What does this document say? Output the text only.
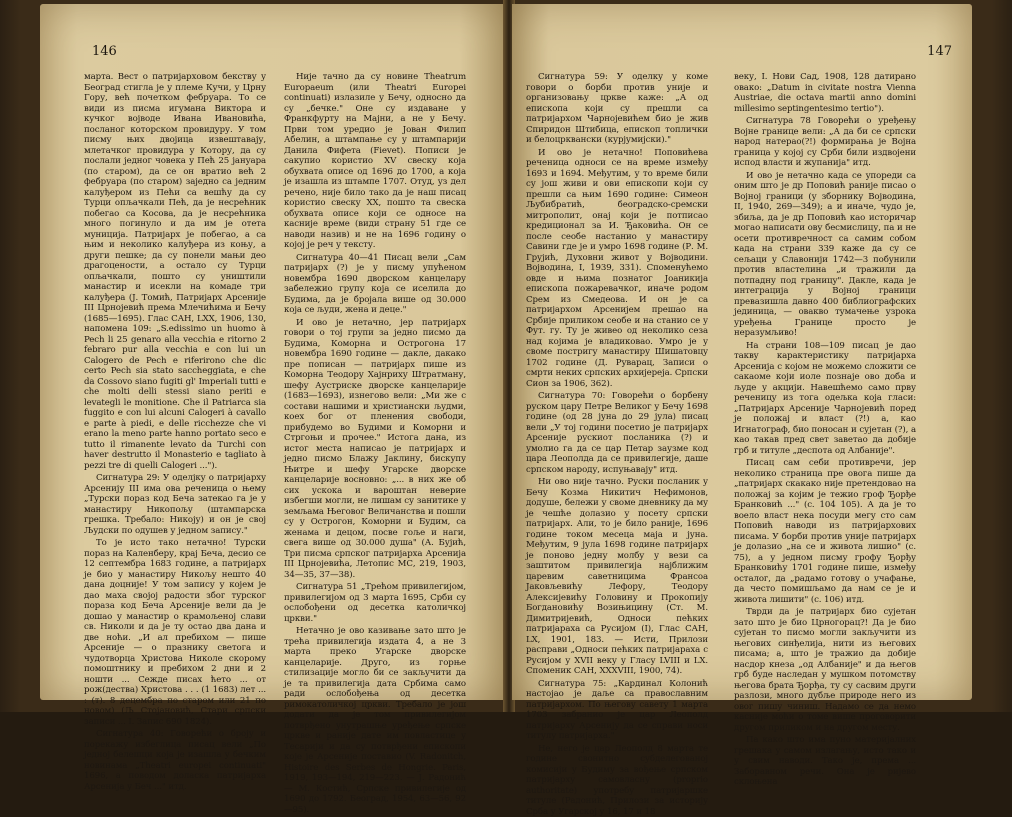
146

марта. Вест о патријарховом бекству у Београд стигла је у племе Кучи, у Црну Гору, већ почетком фебруара. То се види из писма игумана Виктора и кучког војводе Ивана Ивановића, посланог которском провидуру. У том писму њих двојица извештавају, млетачког провидура у Котору, да су послали једног човека у Пећ 25 јануара (по старом), да се он вратио већ 2 фебруара (по старом) заједно са једним калуђером из Пећи са вешћу да су Турци опљачкали Пећ, да је несрећник побегао са Косова, да је несрећника много погинуло и да им је отета муниција. Патријарх је побегао, а са њим и неколико калуђера из коњу, а други пешке; да су понели мањи део драгоцености, а остало су Турци опљачкали, пошто су уништили манастир и исекли на комаде три калуђера (Ј. Томић, Патријарх Арсеније III Црнојевић према Млечићима и Бечу (1685—1695). Глас САН, LXX, 1906, 130, напомена 109: „S.edissimo un huomo à Pech li 25 genaro alla vecchia e ritorno 2 febraro pur alla vecchia e con lui un Calogero de Pech e riferirono che dic certo Pech sia stato saccheggiata, e che da Cossovo siano fugiti gl' Imperiali tutti e che molti delli stessi siano periti e levategli le monitione. Che il Patriarca sia fuggito e con lui alcuni Calogeri à cavallo e parte à piedi, e delle ricchezze che vi erano la meno parte hanno portato seco e tutto il rimanente levato da Turchi con haver destrutto il Monasterio e tagliato à pezzi tre di quelli Calogeri ...").

Сигнатура 29: У оделјку о патријарху Арсенију III има ова реченица о њему „Турски пораз код Беча затекао га је у манастиру Никопољу (штампарска грешка. Требало: Никоју) и он је свој Људски по одушев у једном запису."

То је исто тако нетачно! Турски пораз на Каленберу, крај Беча, десио се 12 септембра 1683 године, а патријарх је био у манастиру Никољу нешто 40 дана доцније! У том запису у којем је дао маха својој радости због турског пораза код Беча Арсеније вели да је дошао у манастир о крамољеној слави св. Николи и да је ту остао два дана и две ноћи. „И ал пребихом — пише Арсеније — о празнику светога и чудотворца Христова Николе скорому помоштнику и пребихом 2 дни и 2 ношти ... Сежде писах ћето ... от рож(дества) Христова . . . (1 1683) лет ... : (т). 8 децембра по старом или 21 по новом) (Љ Стојановић, Стари српски записи ... I. Запис 690 1824).

Сигнатура 40: Говорећи о броју и порекажу избеглица писац вели „По једној белешци која је изашла у бечким новинама „Theatri europei continuati" 1696, а поводом доласка патријарха Арсенија у Беч ..." итд.

Није тачно да су новине Theatrum Europaeum (или Theatri Europei continuati) излазиле у Бечу, односно да су „бечке." Оне су издаване у Франкфурту на Мајни, а не у Бечу. Први том уредио је Јован Филип Абелин, а штампање су у штампарији Данила Фифета (Fievet). Пописи је сакупио користио XV свеску која обухвата описе од 1696 до 1700, а која је изашла из штампе 1707. Отуд, уз дел речено, није било тако да је наш писац користио свеску XX, пошто та свеска обухвата описе који се односе на касније време (види страну 51 где се наводи назив) и не на 1696 годину о којој је реч у тексту.

Сигнатура 40—41 Писац вели „Сам патријарх (?) је у писму упућеном новембра 1690 дворском канцелару забележио групу која се иселила до Будима, да је бројала више од 30.000 која се људи, жена и деце."

И ово је нетачно, јер патријарх говори о тој групи за једно писмо да Будима, Коморна и Острогона 17 новембра 1690 године — дакле, дакако пре пописан — патријарх пише из Коморна Теодору Хајнриху Штратману, шефу Аустриске дворске канцеларије (1683—1693), изнегово вели: „Ми же с состави нашими и христиански људми, коех бог от пленения свободи, прибудемо во Будими и Коморни и Стргоњи и прочее." Истога дана, из истог места написао је патријарх и једно писмо Блажу Јаклину, бискупу Њитре и шефу Угарске дворске канцеларије восновно: „... в них же об сих ускока и вароштан неверие избегши могли, не лишам су занитике у земљама Његовог Величанства и пошли су у Острогон, Коморни и Будим, са женама и децом, посве гоље и наги, свега више од 30.000 душа" (А. Бујић, Три писма српског патријарха Арсенија III Црнојевића, Летопис МС, 219, 1903, 34—35, 37—38).

Сигнатура 51 „Трећом привилегијом, привилегијом од 3 марта 1695, Срби су ослобођени од десетка католичкој цркви."

Нетачно је ово казивање зато што је трећа привилегија издата 4, а не 3 марта преко Угарске дворске канцеларије. Друго, из горње стилизације могло би се закључити да је та привилегија дата Србима само ради ослобођења од десетка римокатоличкој цркви. Требало је још додати да је том привилегијом потврђено унутрашње уређење српске цркве и раније дате им повластице у Тесарији и да су потврђени епископи које је Арсеније поставио (V. Radonitch, Histoire des Serbes de Hongrie. Paris, 1919, 193—194, 219—223. — Ј. Радонић — М. Костић, Српске привилегије од 1690 до 1792. Београд, 1954, 63—56, 92—95).

147

Сигнатура 59: У оделку у коме говори о борби против уније и организовању цркве каже: „А од епископа који су прешли са патријархом Чарнојевићем био је жив Спиридон Штибица, епископ топлички и белоцрквански (курјумијски)."

И ово је нетачно! Поповићева реченица односи се на време између 1693 и 1694. Међутим, у то време били су још живи и ови епископи који су прешли са њим 1690 године: Симеон Љубибратић, београдско-сремски митрополит, онај који је потписао кредиционал за И. Ђаковића. Он се после сеобе настанио у манастиру Савини где је и умро 1698 године (Р. М. Грујић, Духовни живот у Војводини. Војводина, I, 1939, 331). Споменућемо овде и њима познатог Јоаникија епископа пожаревачког, иначе родом Срем из Смедеова. И он је са патријархом Арсенијем прешао на Србије приликом сеобе и на станио се у Фут. гу. Ту је живео од неколико сеза над којима је владиковао. Умро је у своме постригу манастиру Шишатовцу 1702 године (Д. Руварац, Записи о смрти неких српских архијереја. Српски Сион за 1906, 362).

Сигнатура 70: Говорећи о борбену руском цару Петре Великог у Бечу 1698 године (од 28 јуна до 29 јула) писац вели „У тој години посетио је патријарх Арсеније рускиот посланика (?) и умолио га да се цар Петар заузме код цара Леополда да се привилегије, даше српском народу, испуњавају" итд.

Ни ово није тачно. Руски посланик у Бечу Козма Никитич Нефимонов, додуше, бележи у своме дневнику да му је чешће долазио у посету српски патријарх. Али, то је било раније, 1696 године током месеца маја и јуна. Међутим, 9 јула 1698 године патријарх је поново једну молбу у вези са заштитом привилегија најближим царевим саветницима Франсоа Јаковљевићу Лефору, Теодору Алексијевићу Головину и Прокопију Богдановићу Возињицину (Ст. М. Димитријевић, Односи пећких патријараха са Русијом (I), Глас САН, LX, 1901, 183. — Исти, Прилози расправи „Односи пећких патријараха с Русијом у XVII веку у Гласу LVIII и LX. Споменик САН, XXXVIII, 1900, 74).

Сигнатура 75: „Кардинал Колонић настојао је даље са православним патријархом. По његову савету 1 марта 1703 забранио је цар Леополд патријарху Арсенију да се справи носи титулу патријарха."

Не, него је цар Леополд 8 марта те године свонитно субделегованој комисији у Будиму за вођење српском патријарху самовласну (proprio authoritate) употребу патријаршке титуле (Радонић, Прилози за историју Срба у Угарској у 16, 17 и 18

веку, I. Нови Сад, 1908, 128 датирано овако: „Datum in civitate nostra Vienna Austriae, die octava martii anno domini millesimo septingentesimo tertio").

Сигнатура 78 Говорећи о уређењу Војне границе вели: „А да би се српски народ натерао(?!) формирања је Војна граница у којој су Срби били издвојени испод власти и жупанија" итд.

И ово је нетачно када се упореди са оним што је др Поповић раније писао о Војној граници (у зборнику Војводина, II, 1940, 269—349); а и иначе, чудо је, збиља, да је др Поповић као историчар могао написати ову бесмислицу, па и не осети противречност са самим собом када на страни 339 каже да су се сељаци у Славонији 1742—3 побунили против властелина „и тражили да потпадну под границу". Дакле, када је интеграција у Војној граници превазишла давно 400 библиографских јединица, — овакво тумачење узрока уређења Границе просто је неразумљиво!

На страни 108—109 писац је дао такву карактеристику патријарха Арсенија с којом не можемо сложити се сакаоме који иоле познаје ово доба и људе у акцији. Навешћемо само прву реченицу из тога одељка која гласи: „Патријарх Арсеније Чарнојевић поред је положај и власт (?!) а, као Игнатограф, био поносан и сујетан (?), а као такав пред свет заветао да добије грб и титуле „деспота од Албаније".

Писац сам себи противречи, јер неколико страница пре овога пише да „патријарх скакако није претендовао на положај за којим је тежио гроф Ђорђе Бранковић ..." (с. 104 105). А да је то воело власт нека посуди мегу сто сам Поповић наводи из патријархових писама. У борби против уније патријарх је долазио „на се и живота лишио" (с. 75), а у једном писму грофу Ђорђу Бранковићу 1701 године пише, између осталог, да „радамо готову о учафање, да често помишљамо да нам се је и живота лишити" (с. 106) итд.

Тврди да је патријарх био сујетан зато што је био Црногорац?! Да је био сујетан то писмо могли закључити из његових синђелија, нити из његових писама; а, што је тражио да добије насдор кнеза „од Албаније" и да његов грб буде наследан у мушком потомству његова брата Ђорђа, ту су сасвим други разлози, много дубље природе него из овог пишу чиниш. Надамо се да немо касније моћи о томе више проговорити другом приликом и на другом месту.

Па како што има пуно материјалних грешака у самом излагању, исто тако и у свим наводи. Тако је, према ... Заборавном речи. Она је ријево склоњена
